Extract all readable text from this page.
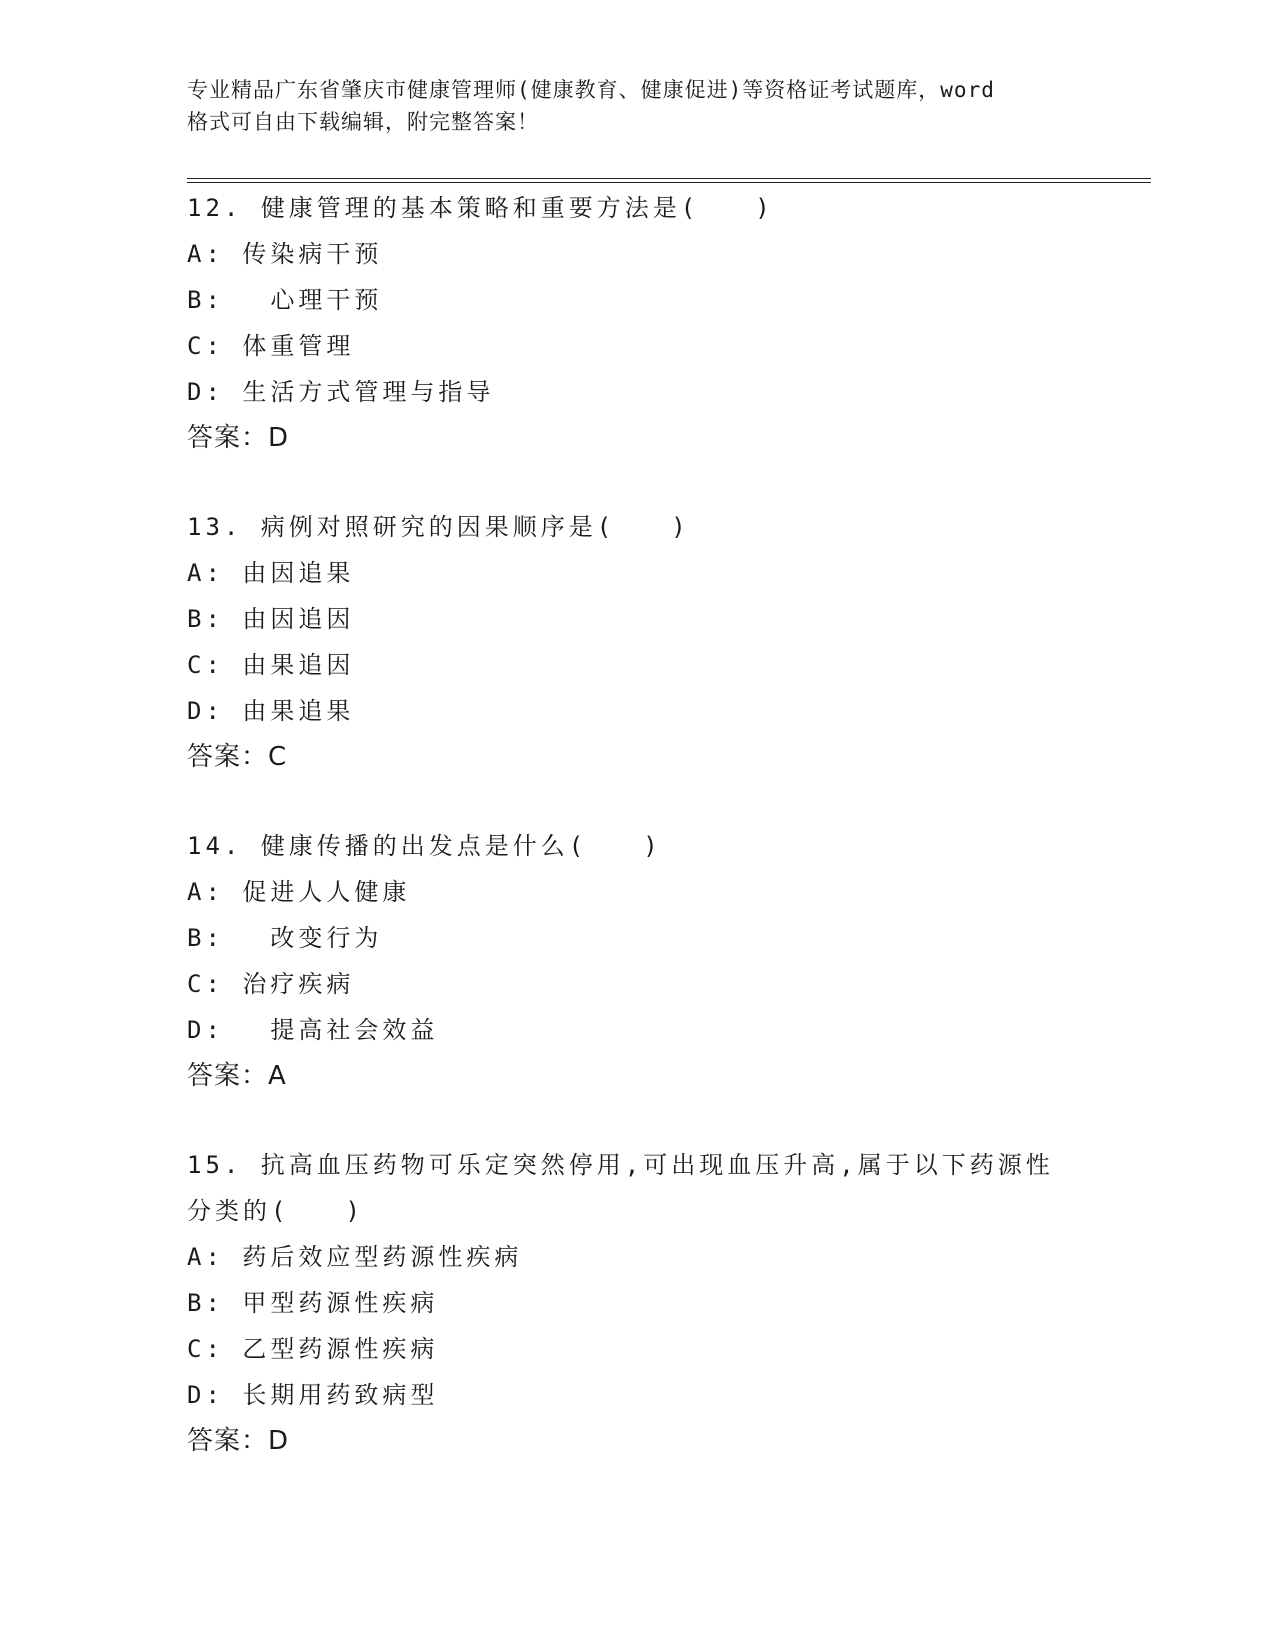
专业精品广东省肇庆市健康管理师(健康教育、健康促进)等资格证考试题库，word
格式可自由下载编辑，附完整答案！
12. 健康管理的基本策略和重要方法是(　　)
A: 传染病干预
B: 　心理干预
C: 体重管理
D: 生活方式管理与指导
答案：D
13. 病例对照研究的因果顺序是(　　)
A: 由因追果
B: 由因追因
C: 由果追因
D: 由果追果
答案：C
14. 健康传播的出发点是什么(　　)
A: 促进人人健康
B: 　改变行为
C: 治疗疾病
D: 　提高社会效益
答案：A
15. 抗高血压药物可乐定突然停用,可出现血压升高,属于以下药源性
分类的(　　)
A: 药后效应型药源性疾病
B: 甲型药源性疾病
C: 乙型药源性疾病
D: 长期用药致病型
答案：D
